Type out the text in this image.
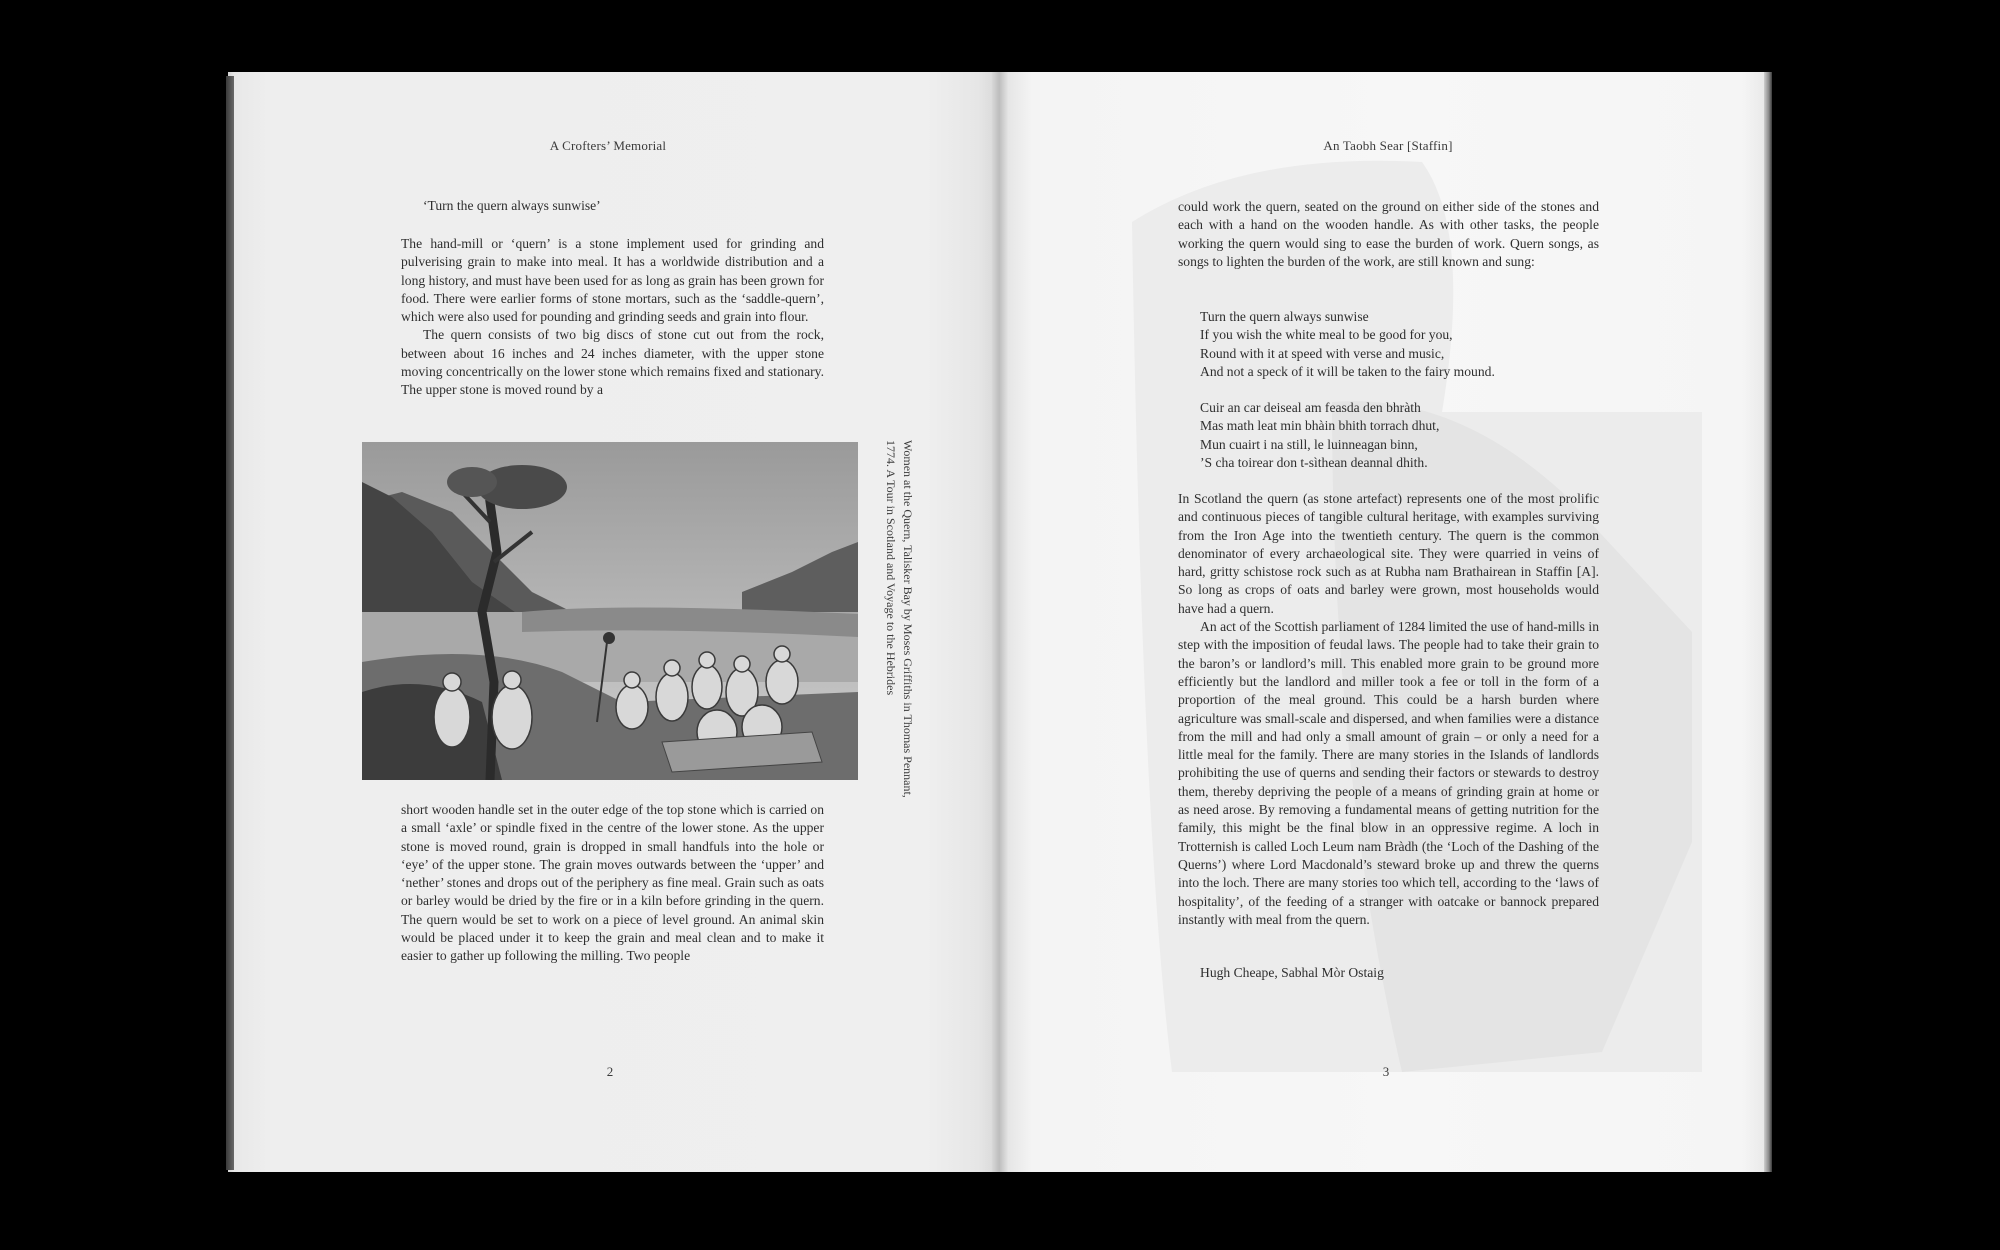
A Crofters’ Memorial
‘Turn the quern always sunwise’

The hand-mill or ‘quern’ is a stone implement used for grinding and pulverising grain to make into meal. It has a worldwide distribution and a long history, and must have been used for as long as grain has been grown for food. There were earlier forms of stone mortars, such as the ‘saddle-quern’, which were also used for pounding and grinding seeds and grain into flour.

The quern consists of two big discs of stone cut out from the rock, between about 16 inches and 24 inches diameter, with the upper stone moving concentrically on the lower stone which remains fixed and stationary. The upper stone is moved round by a

Women at the Quern, Talisker Bay by Moses Griffiths in Thomas Pennant,
1774. A Tour in Scotland and Voyage to the Hebrides

short wooden handle set in the outer edge of the top stone which is carried on a small ‘axle’ or spindle fixed in the centre of the lower stone. As the upper stone is moved round, grain is dropped in small handfuls into the hole or ‘eye’ of the upper stone. The grain moves outwards between the ‘upper’ and ‘nether’ stones and drops out of the periphery as fine meal. Grain such as oats or barley would be dried by the fire or in a kiln before grinding in the quern. The quern would be set to work on a piece of level ground. An animal skin would be placed under it to keep the grain and meal clean and to make it easier to gather up following the milling. Two people

2
An Taobh Sear [Staffin]

could work the quern, seated on the ground on either side of the stones and each with a hand on the wooden handle. As with other tasks, the people working the quern would sing to ease the burden of work. Quern songs, as songs to lighten the burden of the work, are still known and sung:

Turn the quern always sunwise
If you wish the white meal to be good for you,
Round with it at speed with verse and music,
And not a speck of it will be taken to the fairy mound.
Cuir an car deiseal am feasda den bhràth
Mas math leat min bhàin bhith torrach dhut,
Mun cuairt i na still, le luinneagan binn,
’S cha toirear don t-sìthean deannal dhith.

In Scotland the quern (as stone artefact) represents one of the most prolific and continuous pieces of tangible cultural heritage, with examples surviving from the Iron Age into the twentieth century. The quern is the common denominator of every archaeological site. They were quarried in veins of hard, gritty schistose rock such as at Rubha nam Brathairean in Staffin [A]. So long as crops of oats and barley were grown, most households would have had a quern.

An act of the Scottish parliament of 1284 limited the use of hand-mills in step with the imposition of feudal laws. The people had to take their grain to the baron’s or landlord’s mill. This enabled more grain to be ground more efficiently but the landlord and miller took a fee or toll in the form of a proportion of the meal ground. This could be a harsh burden where agriculture was small-scale and dispersed, and when families were a distance from the mill and had only a small amount of grain – or only a need for a little meal for the family. There are many stories in the Islands of landlords prohibiting the use of querns and sending their factors or stewards to destroy them, thereby depriving the people of a means of grinding grain at home or as need arose. By removing a fundamental means of getting nutrition for the family, this might be the final blow in an oppressive regime. A loch in Trotternish is called Loch Leum nam Bràdh (the ‘Loch of the Dashing of the Querns’) where Lord Macdonald’s steward broke up and threw the querns into the loch. There are many stories too which tell, according to the ‘laws of hospitality’, of the feeding of a stranger with oatcake or bannock prepared instantly with meal from the quern.

Hugh Cheape, Sabhal Mòr Ostaig
3
